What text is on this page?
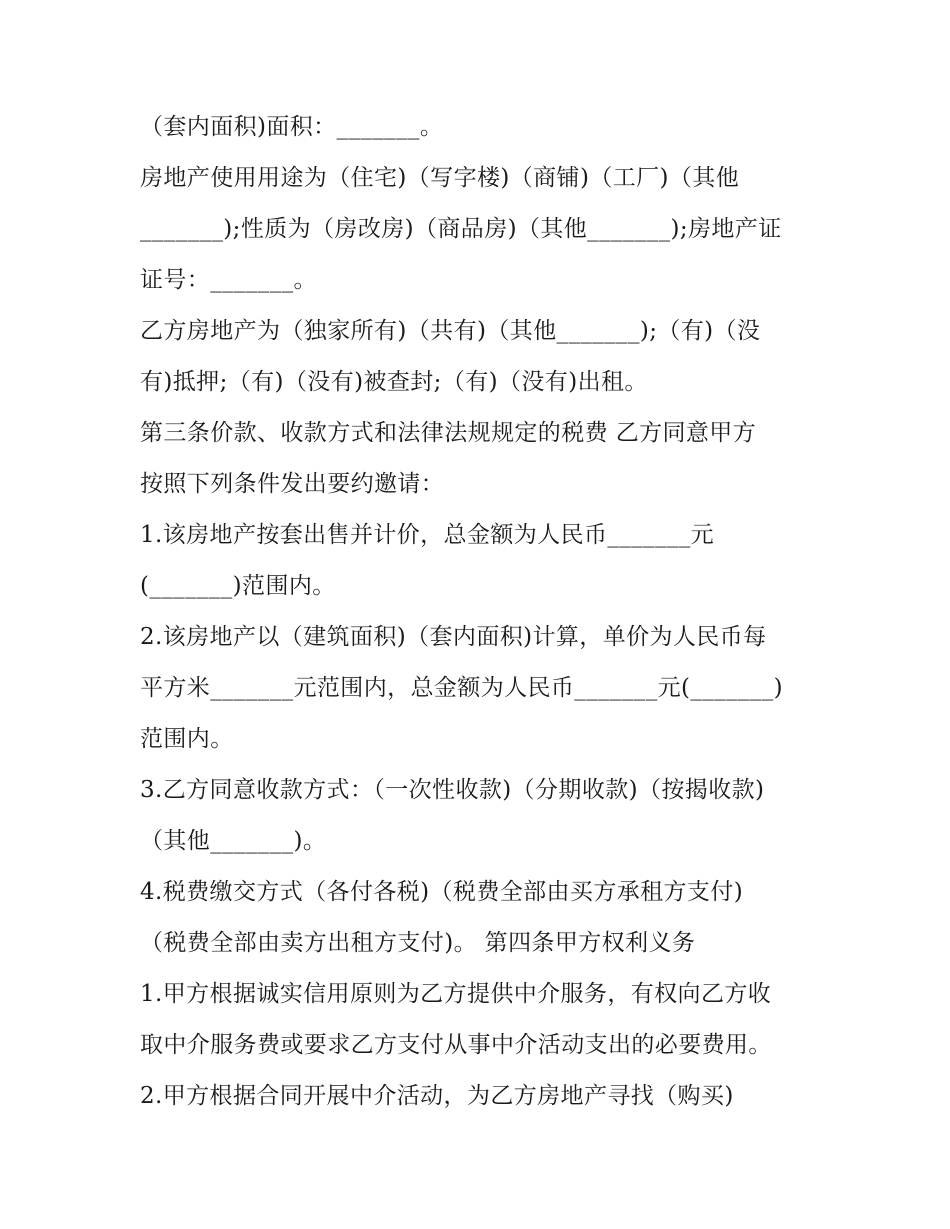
（套内面积)面积：_______。
房地产使用用途为（住宅)（写字楼)（商铺)（工厂)（其他
_______);性质为（房改房)（商品房)（其他_______);房地产证
证号：_______。
乙方房地产为（独家所有)（共有)（其他_______);（有)（没
有)抵押;（有)（没有)被查封;（有)（没有)出租。
第三条价款、收款方式和法律法规规定的税费 乙方同意甲方
按照下列条件发出要约邀请：
1.该房地产按套出售并计价，总金额为人民币_______元
(_______)范围内。
2.该房地产以（建筑面积)（套内面积)计算，单价为人民币每
平方米_______元范围内，总金额为人民币_______元(_______)
范围内。
3.乙方同意收款方式：（一次性收款)（分期收款)（按揭收款)
（其他_______)。
4.税费缴交方式（各付各税)（税费全部由买方承租方支付)
（税费全部由卖方出租方支付)。 第四条甲方权利义务
1.甲方根据诚实信用原则为乙方提供中介服务，有权向乙方收
取中介服务费或要求乙方支付从事中介活动支出的必要费用。
2.甲方根据合同开展中介活动，为乙方房地产寻找（购买)
